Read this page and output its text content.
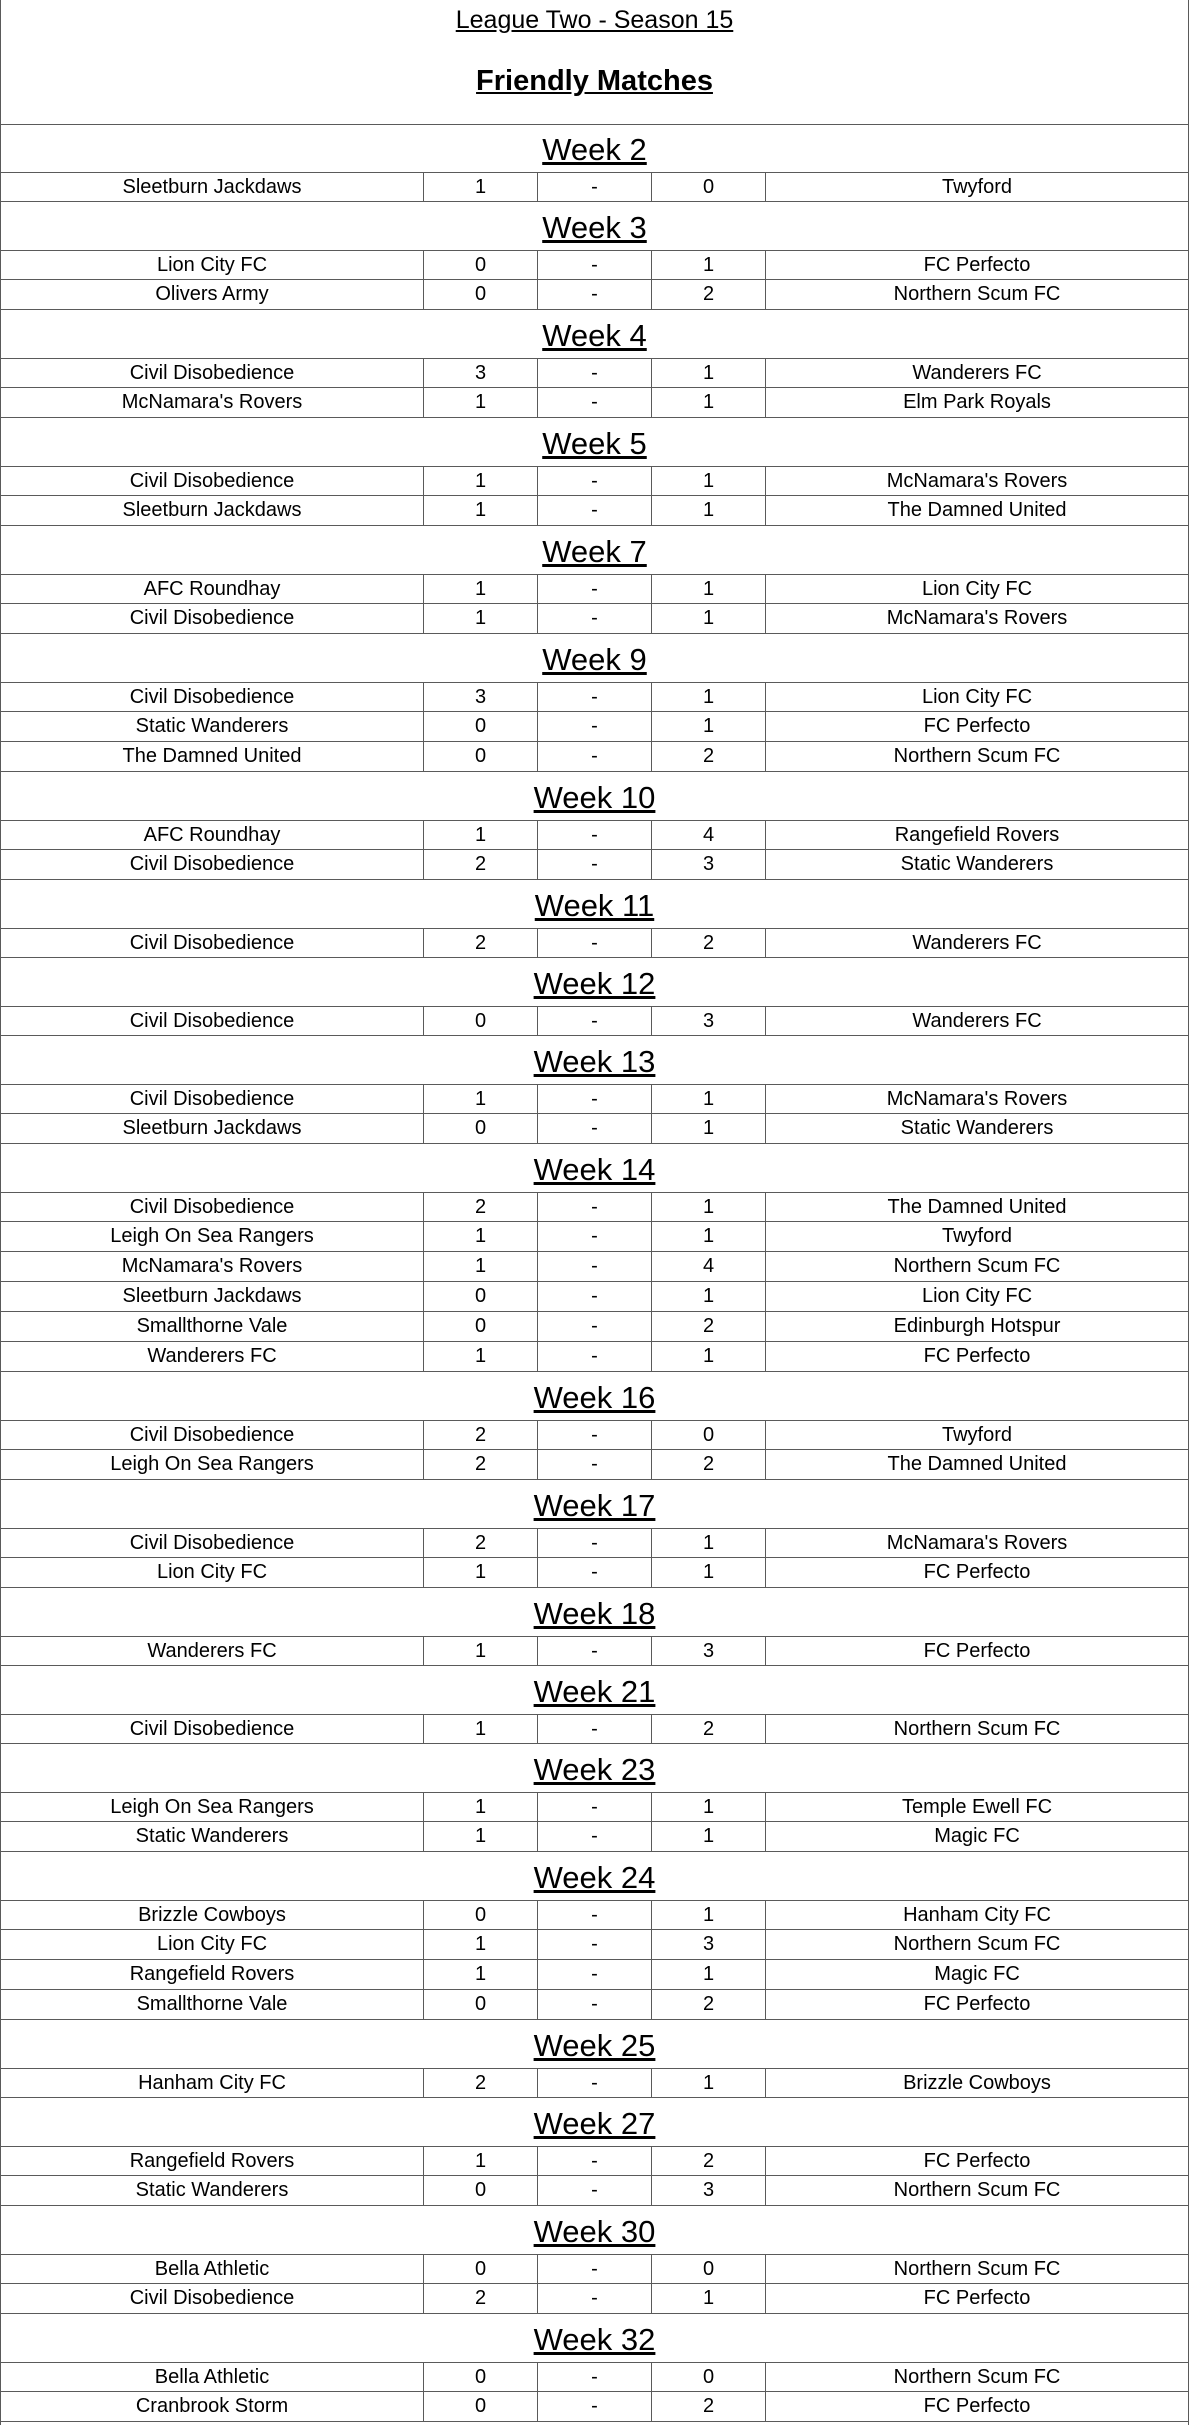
League Two - Season 15
Friendly Matches
Week 2
Sleetburn Jackdaws	1	-	0	Twyford
Week 3
Lion City FC	0	-	1	FC Perfecto
Olivers Army	0	-	2	Northern Scum FC
Week 4
Civil Disobedience	3	-	1	Wanderers FC
McNamara's Rovers	1	-	1	Elm Park Royals
Week 5
Civil Disobedience	1	-	1	McNamara's Rovers
Sleetburn Jackdaws	1	-	1	The Damned United
Week 7
AFC Roundhay	1	-	1	Lion City FC
Civil Disobedience	1	-	1	McNamara's Rovers
Week 9
Civil Disobedience	3	-	1	Lion City FC
Static Wanderers	0	-	1	FC Perfecto
The Damned United	0	-	2	Northern Scum FC
Week 10
AFC Roundhay	1	-	4	Rangefield Rovers
Civil Disobedience	2	-	3	Static Wanderers
Week 11
Civil Disobedience	2	-	2	Wanderers FC
Week 12
Civil Disobedience	0	-	3	Wanderers FC
Week 13
Civil Disobedience	1	-	1	McNamara's Rovers
Sleetburn Jackdaws	0	-	1	Static Wanderers
Week 14
Civil Disobedience	2	-	1	The Damned United
Leigh On Sea Rangers	1	-	1	Twyford
McNamara's Rovers	1	-	4	Northern Scum FC
Sleetburn Jackdaws	0	-	1	Lion City FC
Smallthorne Vale	0	-	2	Edinburgh Hotspur
Wanderers FC	1	-	1	FC Perfecto
Week 16
Civil Disobedience	2	-	0	Twyford
Leigh On Sea Rangers	2	-	2	The Damned United
Week 17
Civil Disobedience	2	-	1	McNamara's Rovers
Lion City FC	1	-	1	FC Perfecto
Week 18
Wanderers FC	1	-	3	FC Perfecto
Week 21
Civil Disobedience	1	-	2	Northern Scum FC
Week 23
Leigh On Sea Rangers	1	-	1	Temple Ewell FC
Static Wanderers	1	-	1	Magic FC
Week 24
Brizzle Cowboys	0	-	1	Hanham City FC
Lion City FC	1	-	3	Northern Scum FC
Rangefield Rovers	1	-	1	Magic FC
Smallthorne Vale	0	-	2	FC Perfecto
Week 25
Hanham City FC	2	-	1	Brizzle Cowboys
Week 27
Rangefield Rovers	1	-	2	FC Perfecto
Static Wanderers	0	-	3	Northern Scum FC
Week 30
Bella Athletic	0	-	0	Northern Scum FC
Civil Disobedience	2	-	1	FC Perfecto
Week 32
Bella Athletic	0	-	0	Northern Scum FC
Cranbrook Storm	0	-	2	FC Perfecto
